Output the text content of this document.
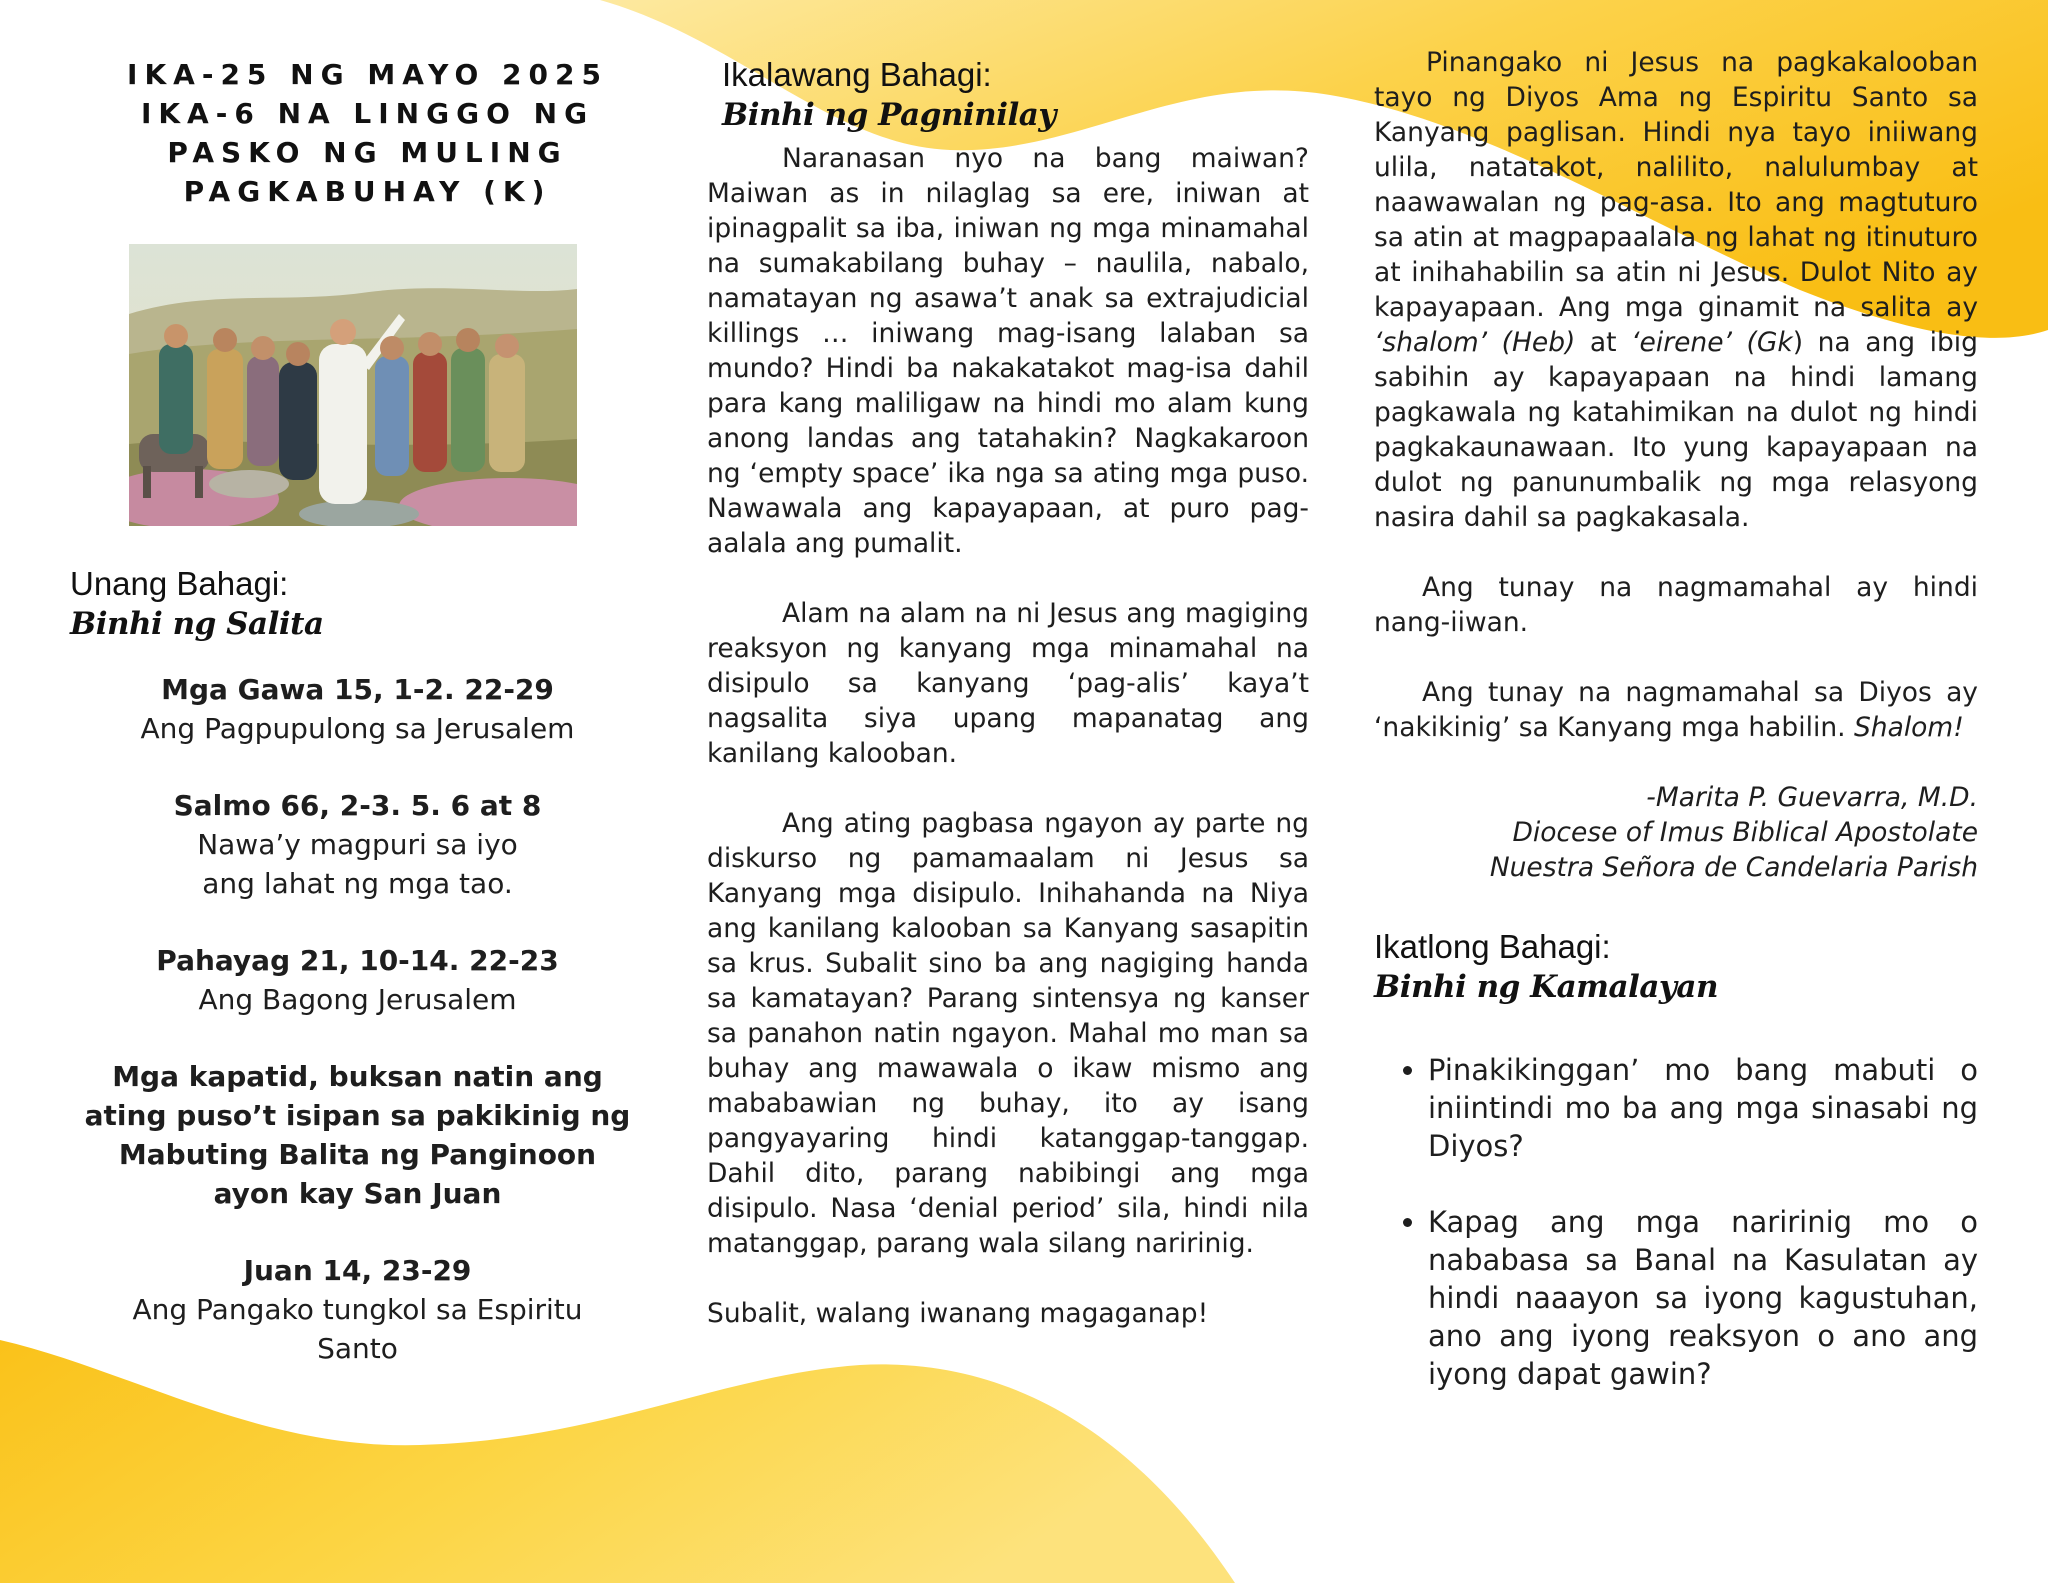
IKA-25 NG MAYO 2025
IKA-6 NA LINGGO NG
PASKO NG MULING
PAGKABUHAY (K)
Unang Bahagi:
Binhi ng Salita
Mga Gawa 15, 1-2. 22-29
Ang Pagpupulong sa Jerusalem
Salmo 66, 2-3. 5. 6 at 8
Nawa’y magpuri sa iyo
ang lahat ng mga tao.
Pahayag 21, 10-14. 22-23
Ang Bagong Jerusalem
Mga kapatid, buksan natin ang
ating puso’t isipan sa pakikinig ng
Mabuting Balita ng Panginoon
ayon kay San Juan
Juan 14, 23-29
Ang Pangako tungkol sa Espiritu
Santo
Ikalawang Bahagi:
Binhi ng Pagninilay

Naranasan nyo na bang maiwan? Maiwan as in nilaglag sa ere, iniwan at ipinagpalit sa iba, iniwan ng mga minamahal na sumakabilang buhay – naulila, nabalo, namatayan ng asawa’t anak sa extrajudicial killings … iniwang mag-isang lalaban sa mundo? Hindi ba nakakatakot mag-isa dahil para kang maliligaw na hindi mo alam kung anong landas ang tatahakin? Nagkakaroon ng ‘empty space’ ika nga sa ating mga puso. Nawawala ang kapayapaan, at puro pag-aalala ang pumalit.

Alam na alam na ni Jesus ang magiging reaksyon ng kanyang mga minamahal na disipulo sa kanyang ‘pag-alis’ kaya’t nagsalita siya upang mapanatag ang kanilang kalooban.

Ang ating pagbasa ngayon ay parte ng diskurso ng pamamaalam ni Jesus sa Kanyang mga disipulo. Inihahanda na Niya ang kanilang kalooban sa Kanyang sasapitin sa krus. Subalit sino ba ang nagiging handa sa kamatayan? Parang sintensya ng kanser sa panahon natin ngayon. Mahal mo man sa buhay ang mawawala o ikaw mismo ang mababawian ng buhay, ito ay isang pangyayaring hindi katanggap-tanggap. Dahil dito, parang nabibingi ang mga disipulo. Nasa ‘denial period’ sila, hindi nila matanggap, parang wala silang naririnig.

Subalit, walang iwanang magaganap!

Pinangako ni Jesus na pagkakalooban tayo ng Diyos Ama ng Espiritu Santo sa Kanyang paglisan. Hindi nya tayo iniiwang ulila, natatakot, nalilito, nalulumbay at naawawalan ng pag-asa. Ito ang magtuturo sa atin at magpapaalala ng lahat ng itinuturo at inihahabilin sa atin ni Jesus. Dulot Nito ay kapayapaan. Ang mga ginamit na salita ay ‘shalom’ (Heb) at ‘eirene’ (Gk) na ang ibig sabihin ay kapayapaan na hindi lamang pagkawala ng katahimikan na dulot ng hindi pagkakaunawaan. Ito yung kapayapaan na dulot ng panunumbalik ng mga relasyong nasira dahil sa pagkakasala.

Ang tunay na nagmamahal ay hindi nang-iiwan.

Ang tunay na nagmamahal sa Diyos ay ‘nakikinig’ sa Kanyang mga habilin. Shalom!

-Marita P. Guevarra, M.D.
Diocese of Imus Biblical Apostolate
Nuestra Señora de Candelaria Parish
Ikatlong Bahagi:
Binhi ng Kamalayan
• Pinakikinggan’ mo bang mabuti o iniintindi mo ba ang mga sinasabi ng Diyos?
• Kapag ang mga naririnig mo o nababasa sa Banal na Kasulatan ay hindi naaayon sa iyong kagustuhan, ano ang iyong reaksyon o ano ang iyong dapat gawin?
